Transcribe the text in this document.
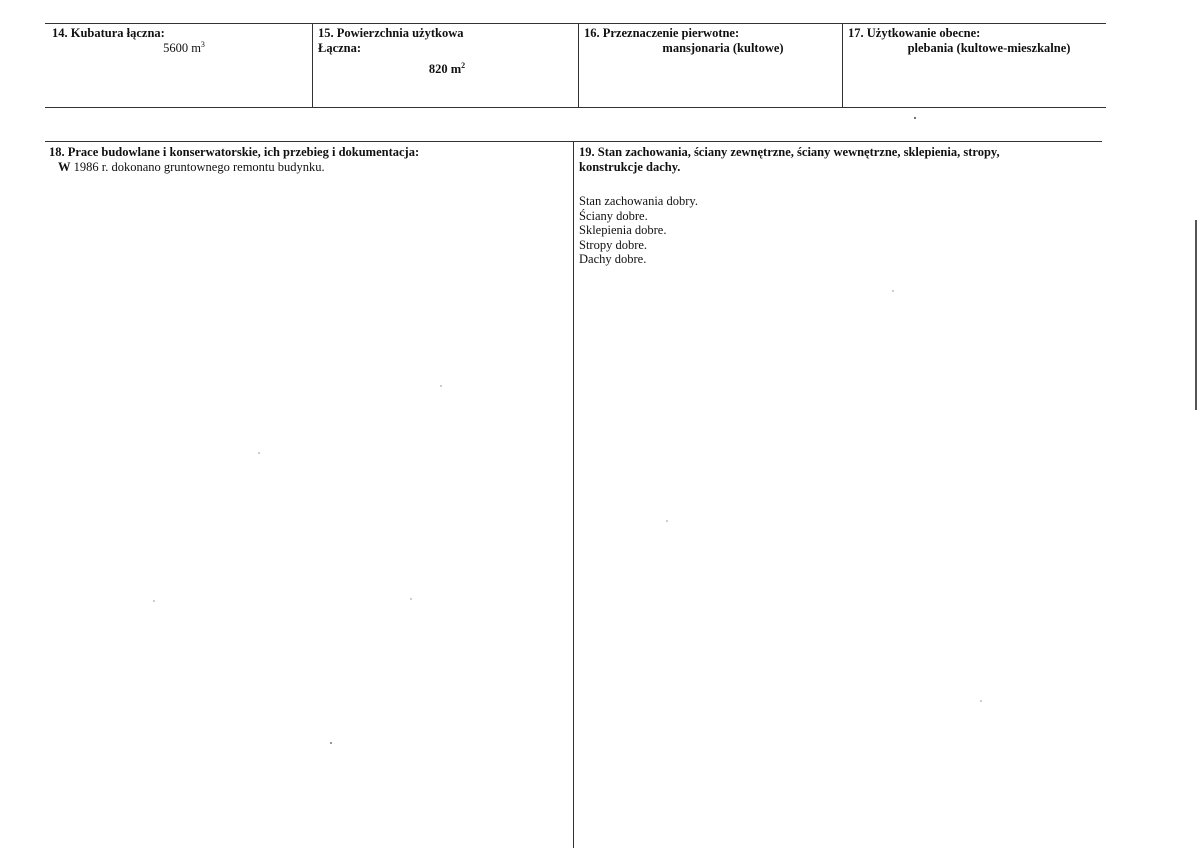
14. Kubatura łączna:
5600 $m^3$
15. Powierzchnia użytkowa
Łączna:
820 $m^2$
16. Przeznaczenie pierwotne:
mansjonaria (kultowe)
17. Użytkowanie obecne:
plebania (kultowe-mieszkalne)
18. Prace budowlane i konserwatorskie, ich przebieg i dokumentacja:
W 1986 r. dokonano gruntownego remontu budynku.
19. Stan zachowania, ściany zewnętrzne, ściany wewnętrzne, sklepienia, stropy,
konstrukcje dachy.
Stan zachowania dobry.
Ściany dobre.
Sklepienia dobre.
Stropy dobre.
Dachy dobre.
